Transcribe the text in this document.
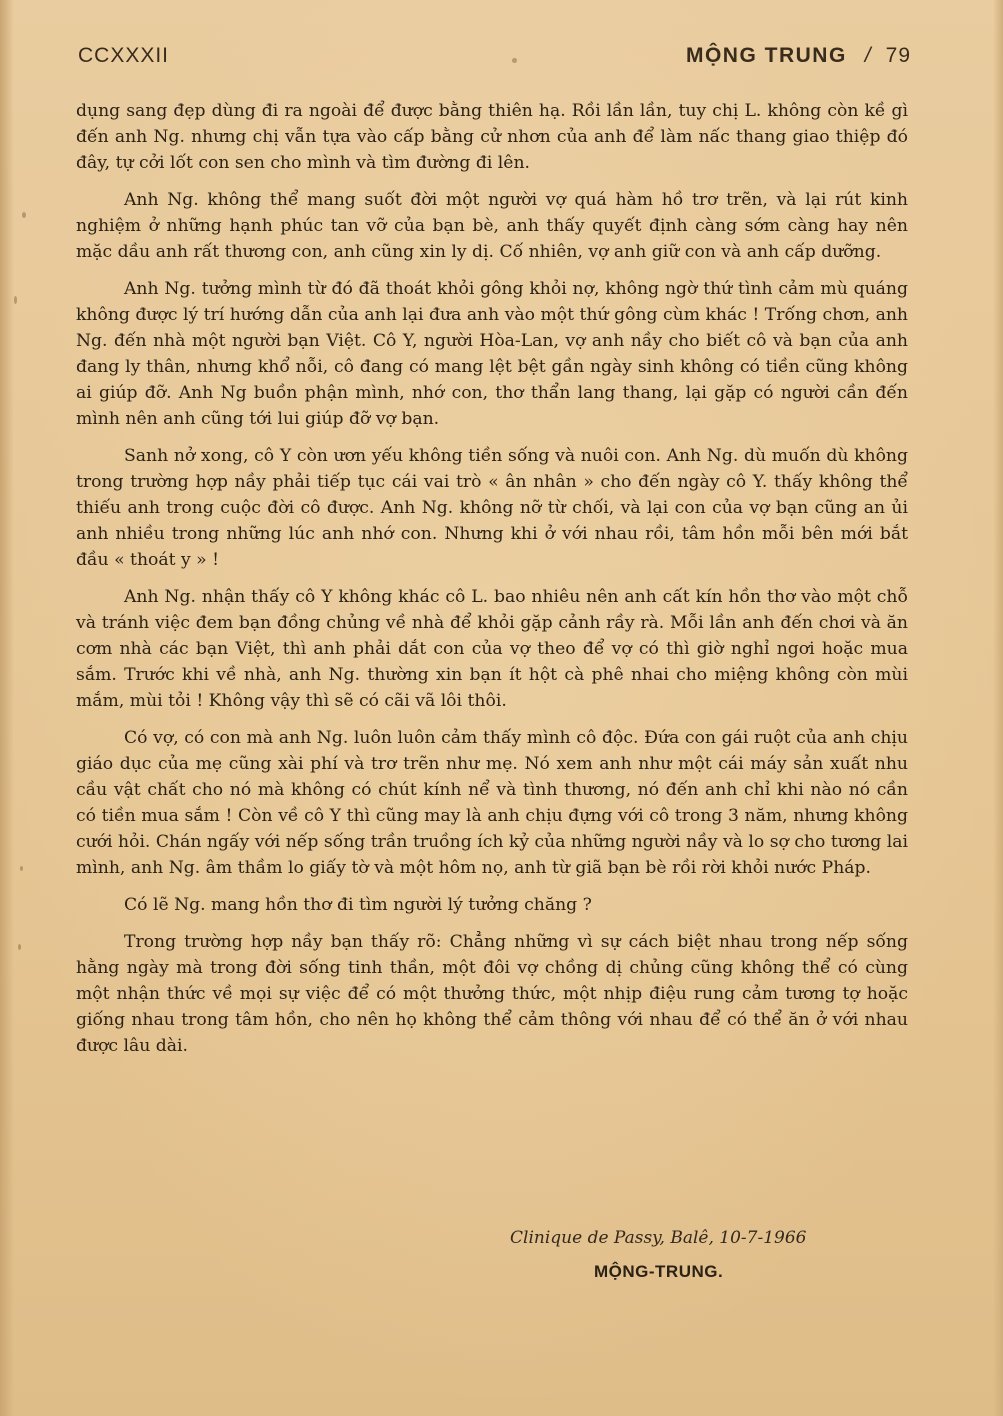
CCXXXII	MỘNG TRUNG / 79

dụng sang đẹp dùng đi ra ngoài để được bằng thiên hạ. Rồi lần lần, tuy chị L. không còn kề gì đến anh Ng. nhưng chị vẫn tựa vào cấp bằng cử nhơn của anh để làm nấc thang giao thiệp đó đây, tự cởi lốt con sen cho mình và tìm đường đi lên.

Anh Ng. không thể mang suốt đời một người vợ quá hàm hồ trơ trẽn, và lại rút kinh nghiệm ở những hạnh phúc tan vỡ của bạn bè, anh thấy quyết định càng sớm càng hay nên mặc dầu anh rất thương con, anh cũng xin ly dị. Cố nhiên, vợ anh giữ con và anh cấp dưỡng.

Anh Ng. tưởng mình từ đó đã thoát khỏi gông khỏi nợ, không ngờ thứ tình cảm mù quáng không được lý trí hướng dẫn của anh lại đưa anh vào một thứ gông cùm khác ! Trống chơn, anh Ng. đến nhà một người bạn Việt. Cô Y, người Hòa-Lan, vợ anh nầy cho biết cô và bạn của anh đang ly thân, nhưng khổ nỗi, cô đang có mang lệt bệt gần ngày sinh không có tiền cũng không ai giúp đỡ. Anh Ng buồn phận mình, nhớ con, thơ thẩn lang thang, lại gặp có người cần đến mình nên anh cũng tới lui giúp đỡ vợ bạn.

Sanh nở xong, cô Y còn ươn yếu không tiền sống và nuôi con. Anh Ng. dù muốn dù không trong trường hợp nầy phải tiếp tục cái vai trò « ân nhân » cho đến ngày cô Y. thấy không thể thiếu anh trong cuộc đời cô được. Anh Ng. không nỡ từ chối, và lại con của vợ bạn cũng an ủi anh nhiều trong những lúc anh nhớ con. Nhưng khi ở với nhau rồi, tâm hồn mỗi bên mới bắt đầu « thoát y » !

Anh Ng. nhận thấy cô Y không khác cô L. bao nhiêu nên anh cất kín hồn thơ vào một chỗ và tránh việc đem bạn đồng chủng về nhà để khỏi gặp cảnh rầy rà. Mỗi lần anh đến chơi và ăn cơm nhà các bạn Việt, thì anh phải dắt con của vợ theo để vợ có thì giờ nghỉ ngơi hoặc mua sắm. Trước khi về nhà, anh Ng. thường xin bạn ít hột cà phê nhai cho miệng không còn mùi mắm, mùi tỏi ! Không vậy thì sẽ có cãi vã lôi thôi.

Có vợ, có con mà anh Ng. luôn luôn cảm thấy mình cô độc. Đứa con gái ruột của anh chịu giáo dục của mẹ cũng xài phí và trơ trẽn như mẹ. Nó xem anh như một cái máy sản xuất nhu cầu vật chất cho nó mà không có chút kính nể và tình thương, nó đến anh chỉ khi nào nó cần có tiền mua sắm ! Còn về cô Y thì cũng may là anh chịu đựng với cô trong 3 năm, nhưng không cưới hỏi. Chán ngấy với nếp sống trần truồng ích kỷ của những người nầy và lo sợ cho tương lai mình, anh Ng. âm thầm lo giấy tờ và một hôm nọ, anh từ giã bạn bè rồi rời khỏi nước Pháp.

Có lẽ Ng. mang hồn thơ đi tìm người lý tưởng chăng ?

Trong trường hợp nầy bạn thấy rõ: Chẳng những vì sự cách biệt nhau trong nếp sống hằng ngày mà trong đời sống tinh thần, một đôi vợ chồng dị chủng cũng không thể có cùng một nhận thức về mọi sự việc để có một thưởng thức, một nhịp điệu rung cảm tương tợ hoặc giống nhau trong tâm hồn, cho nên họ không thể cảm thông với nhau để có thể ăn ở với nhau được lâu dài.

Clinique de Passy, Balê, 10-7-1966
MỘNG-TRUNG.
